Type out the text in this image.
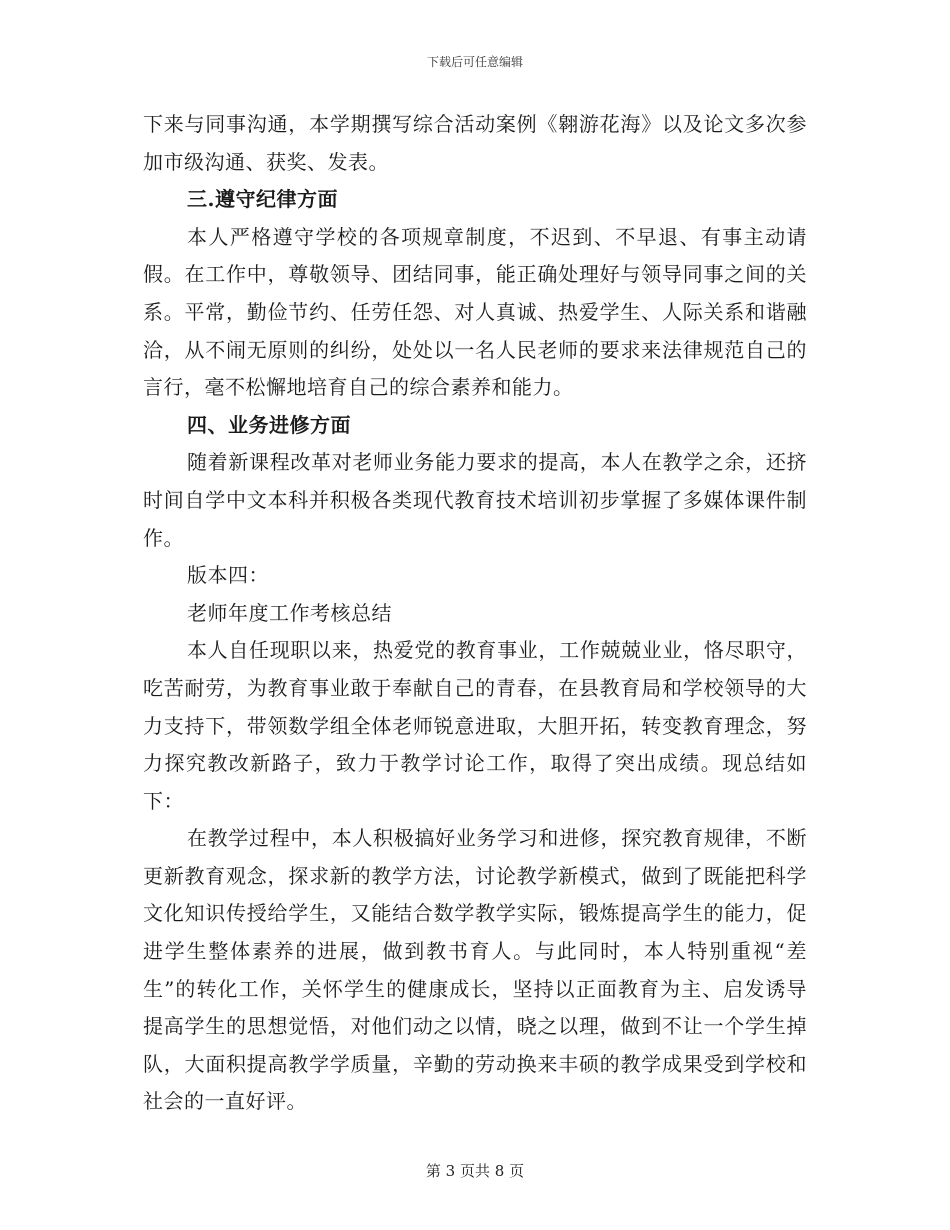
下载后可任意编辑

下来与同事沟通，本学期撰写综合活动案例《翱游花海》以及论文多次参加市级沟通、获奖、发表。

三.遵守纪律方面

本人严格遵守学校的各项规章制度，不迟到、不早退、有事主动请假。在工作中，尊敬领导、团结同事，能正确处理好与领导同事之间的关系。平常，勤俭节约、任劳任怨、对人真诚、热爱学生、人际关系和谐融洽，从不闹无原则的纠纷，处处以一名人民老师的要求来法律规范自己的言行，毫不松懈地培育自己的综合素养和能力。

四、业务进修方面

随着新课程改革对老师业务能力要求的提高，本人在教学之余，还挤时间自学中文本科并积极各类现代教育技术培训初步掌握了多媒体课件制作。

版本四：

老师年度工作考核总结

本人自任现职以来，热爱党的教育事业，工作兢兢业业，恪尽职守，吃苦耐劳，为教育事业敢于奉献自己的青春，在县教育局和学校领导的大力支持下，带领数学组全体老师锐意进取，大胆开拓，转变教育理念，努力探究教改新路子，致力于教学讨论工作，取得了突出成绩。现总结如下：

在教学过程中，本人积极搞好业务学习和进修，探究教育规律，不断更新教育观念，探求新的教学方法，讨论教学新模式，做到了既能把科学文化知识传授给学生，又能结合数学教学实际，锻炼提高学生的能力，促进学生整体素养的进展，做到教书育人。与此同时，本人特别重视“差生”的转化工作，关怀学生的健康成长，坚持以正面教育为主、启发诱导提高学生的思想觉悟，对他们动之以情，晓之以理，做到不让一个学生掉队，大面积提高教学学质量，辛勤的劳动换来丰硕的教学成果受到学校和社会的一直好评。

第 3 页共 8 页
